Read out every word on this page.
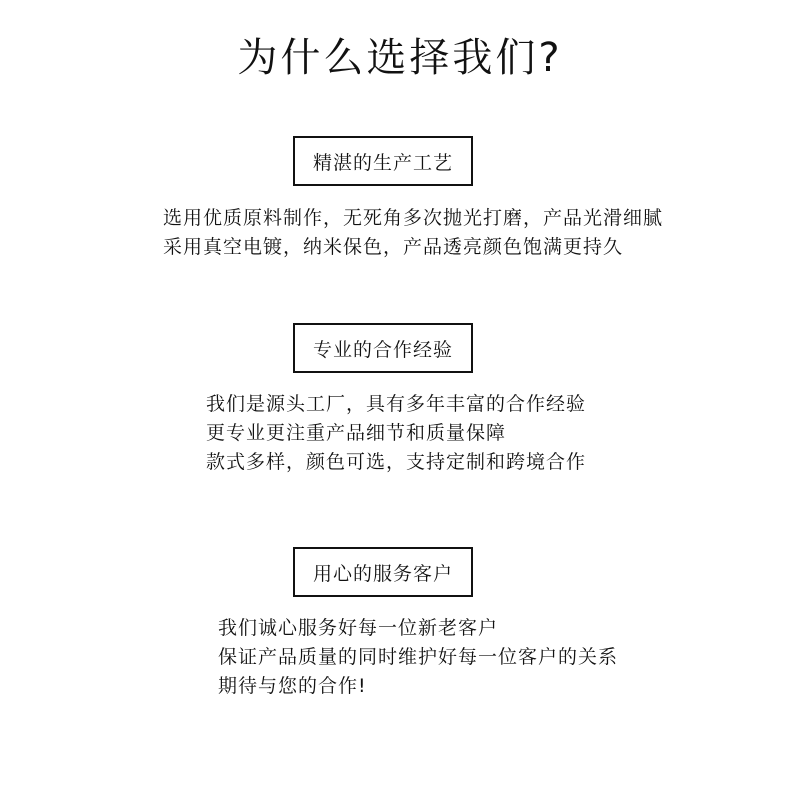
为什么选择我们?
精湛的生产工艺
选用优质原料制作，无死角多次抛光打磨，产品光滑细腻
采用真空电镀，纳米保色，产品透亮颜色饱满更持久
专业的合作经验
我们是源头工厂，具有多年丰富的合作经验
更专业更注重产品细节和质量保障
款式多样，颜色可选，支持定制和跨境合作
用心的服务客户
我们诚心服务好每一位新老客户
保证产品质量的同时维护好每一位客户的关系
期待与您的合作!
